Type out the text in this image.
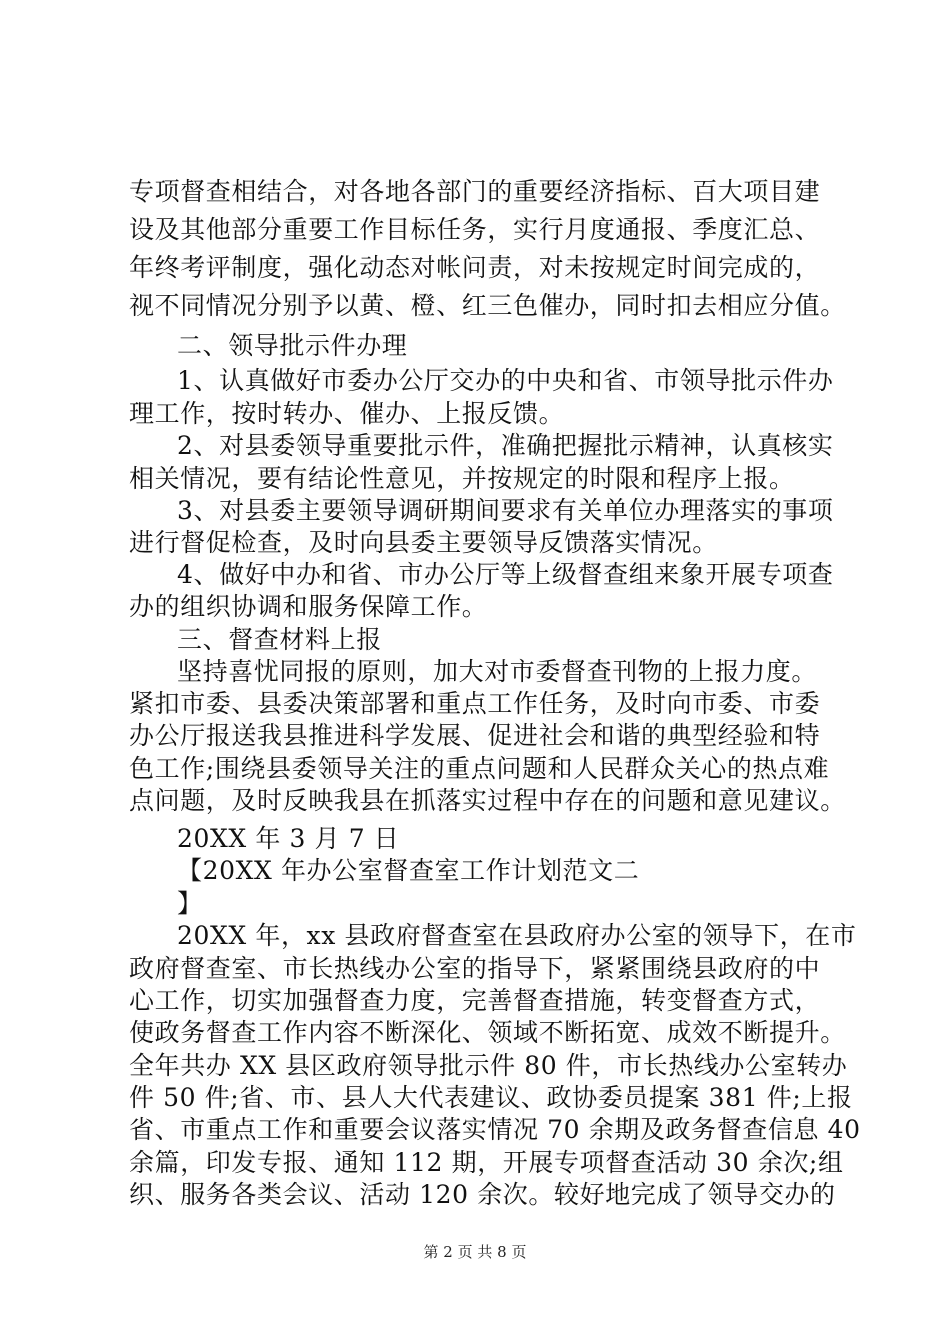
专项督查相结合，对各地各部门的重要经济指标、百大项目建
设及其他部分重要工作目标任务，实行月度通报、季度汇总、
年终考评制度，强化动态对帐问责，对未按规定时间完成的，
视不同情况分别予以黄、橙、红三色催办，同时扣去相应分值。
二、领导批示件办理
1、认真做好市委办公厅交办的中央和省、市领导批示件办
理工作，按时转办、催办、上报反馈。
2、对县委领导重要批示件，准确把握批示精神，认真核实
相关情况，要有结论性意见，并按规定的时限和程序上报。
3、对县委主要领导调研期间要求有关单位办理落实的事项
进行督促检查，及时向县委主要领导反馈落实情况。
4、做好中办和省、市办公厅等上级督查组来象开展专项查
办的组织协调和服务保障工作。
三、督查材料上报
坚持喜忧同报的原则，加大对市委督查刊物的上报力度。
紧扣市委、县委决策部署和重点工作任务，及时向市委、市委
办公厅报送我县推进科学发展、促进社会和谐的典型经验和特
色工作;围绕县委领导关注的重点问题和人民群众关心的热点难
点问题，及时反映我县在抓落实过程中存在的问题和意见建议。
20XX 年 3 月 7 日
【20XX 年办公室督查室工作计划范文二
】
20XX 年，xx 县政府督查室在县政府办公室的领导下，在市
政府督查室、市长热线办公室的指导下，紧紧围绕县政府的中
心工作，切实加强督查力度，完善督查措施，转变督查方式，
使政务督查工作内容不断深化、领域不断拓宽、成效不断提升。
全年共办 XX 县区政府领导批示件 80 件，市长热线办公室转办
件 50 件;省、市、县人大代表建议、政协委员提案 381 件;上报
省、市重点工作和重要会议落实情况 70 余期及政务督查信息 40
余篇，印发专报、通知 112 期，开展专项督查活动 30 余次;组
织、服务各类会议、活动 120 余次。较好地完成了领导交办的
第 2 页 共 8 页
